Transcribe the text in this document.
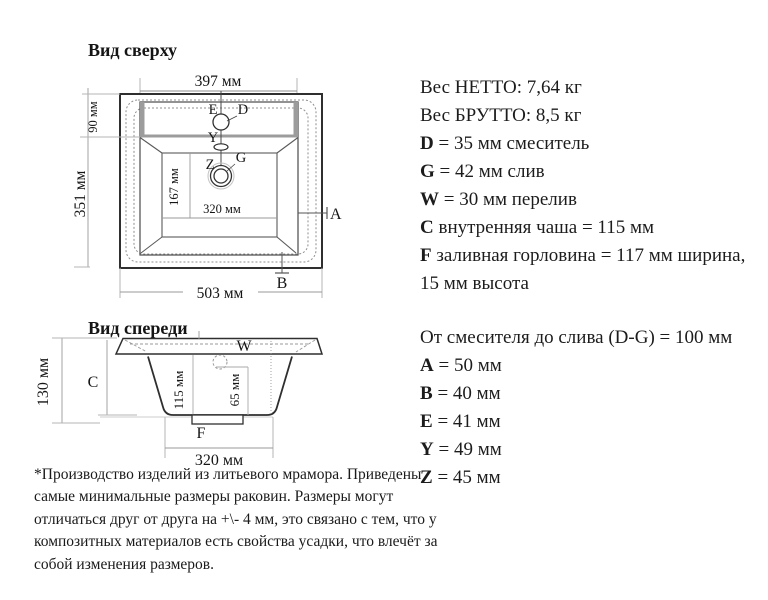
Вид сверху
397 мм
167 мм
320 мм
E D
Y
Z G
A
B
503 мм
90 мм
351 мм
Вид спереди
W
115 мм	65 мм
C
130 мм
F
320 мм
Вес НЕТТО: 7,64 кг
Вес БРУТТО: 8,5 кг
D = 35 мм смеситель
G = 42 мм слив
W = 30 мм перелив
C внутренняя чаша = 115 мм
F заливная горловина = 117 мм ширина,
15 мм высота
От смесителя до слива (D-G) = 100 мм
A = 50 мм
B = 40 мм
E = 41 мм
Y = 49 мм
Z = 45 мм

*Производство изделий из литьевого мрамора. Приведены самые минимальные размеры раковин. Размеры могут отличаться друг от друга на +\- 4 мм, это связано с тем, что у композитных материалов есть свойства усадки, что влечёт за собой изменения размеров.
